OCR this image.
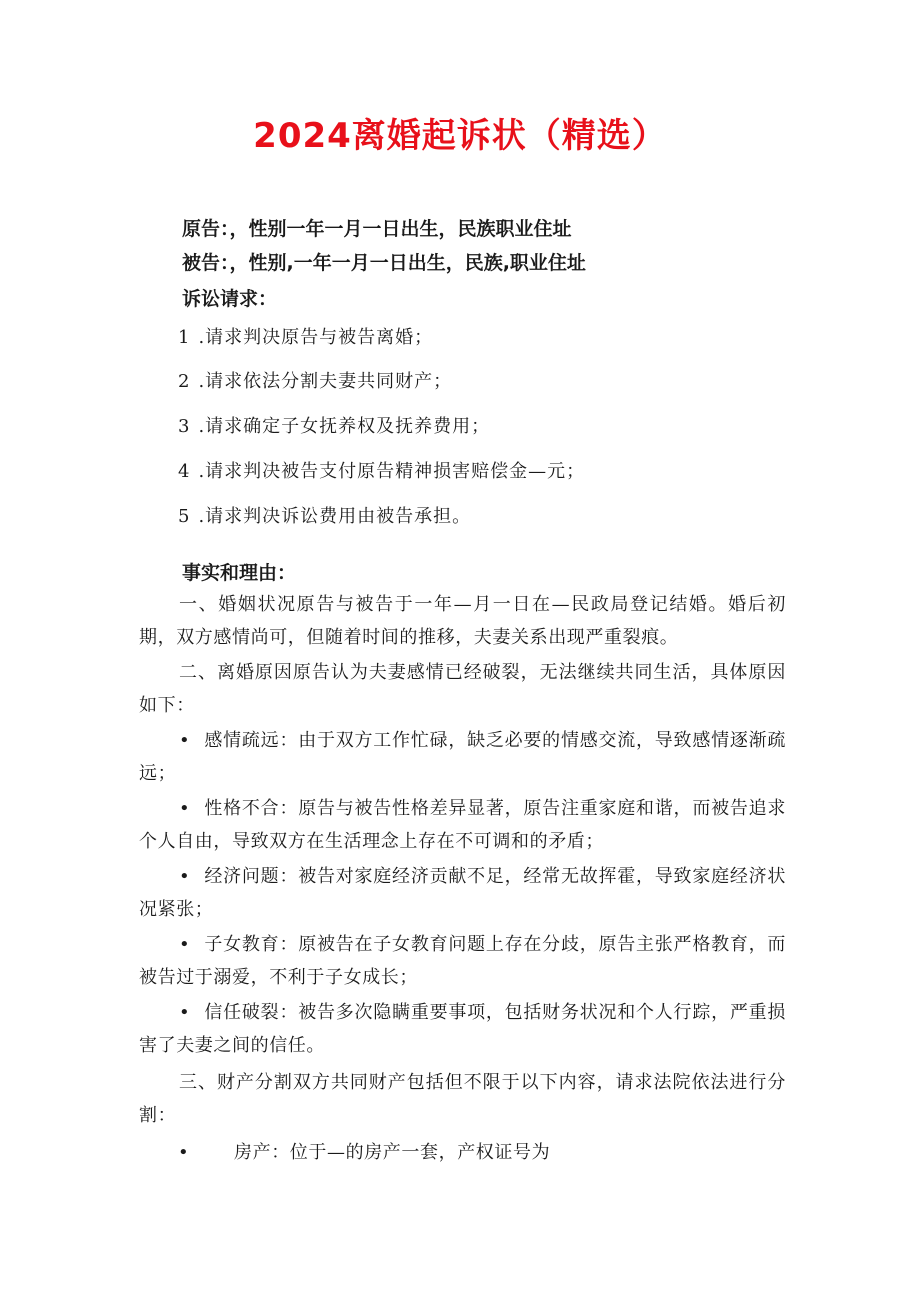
2024离婚起诉状（精选）
原告：，性别一年一月一日出生，民族职业住址
被告：，性别,一年一月一日出生，民族,职业住址
诉讼请求：
1 .请求判决原告与被告离婚；
2 .请求依法分割夫妻共同财产；
3 .请求确定子女抚养权及抚养费用；
4 .请求判决被告支付原告精神损害赔偿金—元；
5 .请求判决诉讼费用由被告承担。
事实和理由：
一、婚姻状况原告与被告于一年—月一日在—民政局登记结婚。婚后初期，双方感情尚可，但随着时间的推移，夫妻关系出现严重裂痕。
二、离婚原因原告认为夫妻感情已经破裂，无法继续共同生活，具体原因如下：
• 感情疏远：由于双方工作忙碌，缺乏必要的情感交流，导致感情逐渐疏远；
• 性格不合：原告与被告性格差异显著，原告注重家庭和谐，而被告追求个人自由，导致双方在生活理念上存在不可调和的矛盾；
• 经济问题：被告对家庭经济贡献不足，经常无故挥霍，导致家庭经济状况紧张；
• 子女教育：原被告在子女教育问题上存在分歧，原告主张严格教育，而被告过于溺爱，不利于子女成长；
• 信任破裂：被告多次隐瞒重要事项，包括财务状况和个人行踪，严重损害了夫妻之间的信任。
三、财产分割双方共同财产包括但不限于以下内容，请求法院依法进行分割：
• 房产：位于—的房产一套，产权证号为
